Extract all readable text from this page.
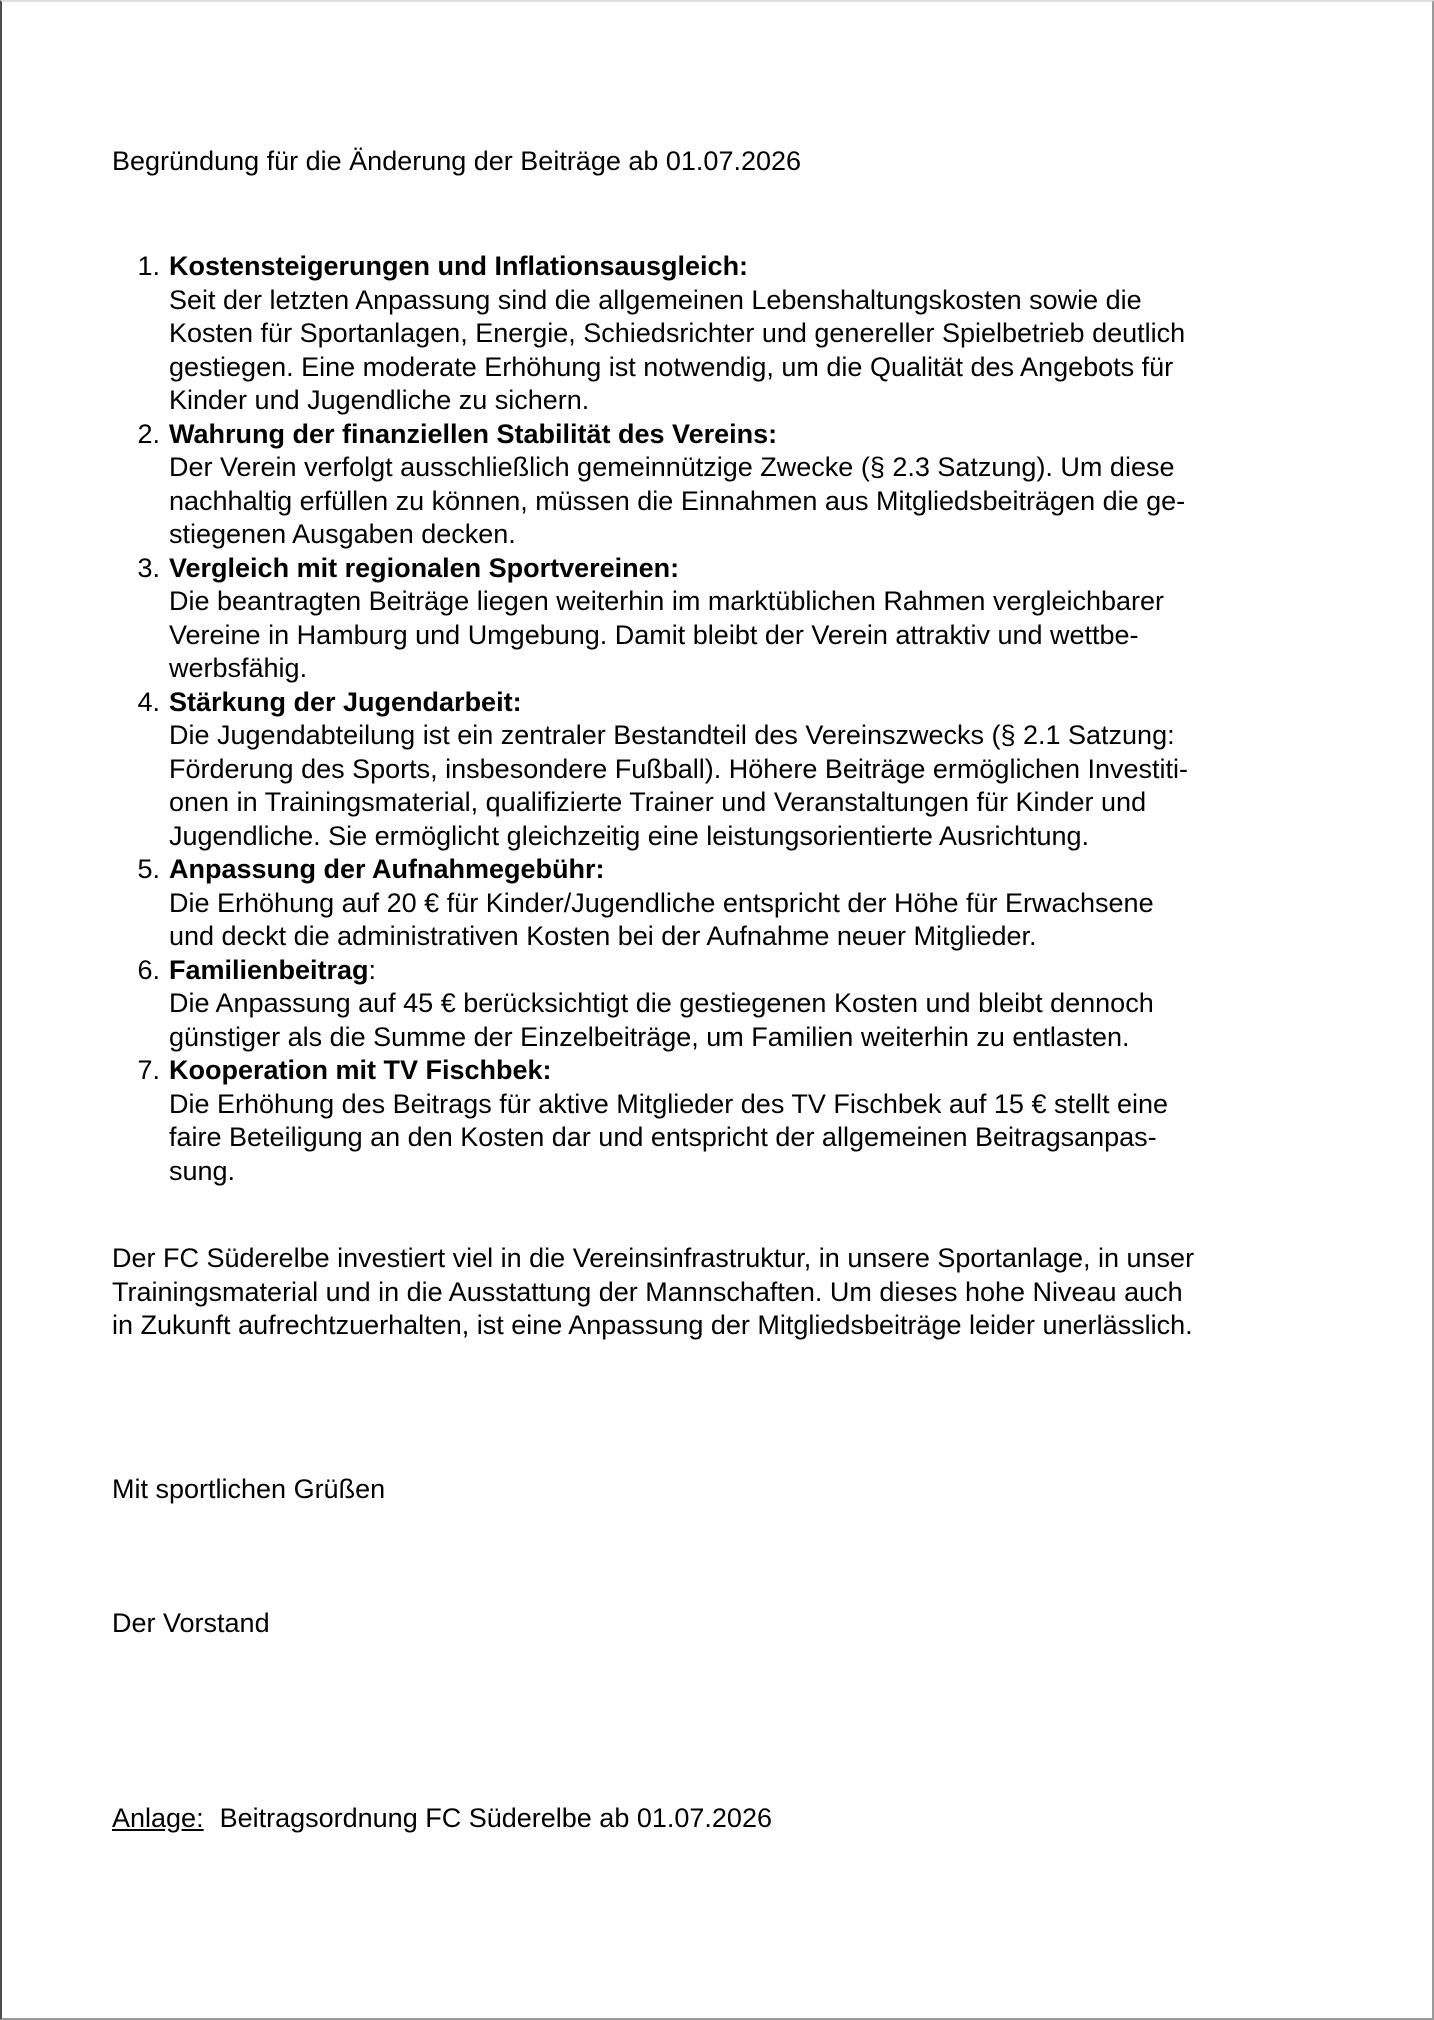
Begründung für die Änderung der Beiträge ab 01.07.2026
1. Kostensteigerungen und Inflationsausgleich:
Seit der letzten Anpassung sind die allgemeinen Lebenshaltungskosten sowie die
Kosten für Sportanlagen, Energie, Schiedsrichter und genereller Spielbetrieb deutlich
gestiegen. Eine moderate Erhöhung ist notwendig, um die Qualität des Angebots für
Kinder und Jugendliche zu sichern.
2. Wahrung der finanziellen Stabilität des Vereins:
Der Verein verfolgt ausschließlich gemeinnützige Zwecke (§ 2.3 Satzung). Um diese
nachhaltig erfüllen zu können, müssen die Einnahmen aus Mitgliedsbeiträgen die ge-
stiegenen Ausgaben decken.
3. Vergleich mit regionalen Sportvereinen:
Die beantragten Beiträge liegen weiterhin im marktüblichen Rahmen vergleichbarer
Vereine in Hamburg und Umgebung. Damit bleibt der Verein attraktiv und wettbe-
werbsfähig.
4. Stärkung der Jugendarbeit:
Die Jugendabteilung ist ein zentraler Bestandteil des Vereinszwecks (§ 2.1 Satzung:
Förderung des Sports, insbesondere Fußball). Höhere Beiträge ermöglichen Investiti-
onen in Trainingsmaterial, qualifizierte Trainer und Veranstaltungen für Kinder und
Jugendliche. Sie ermöglicht gleichzeitig eine leistungsorientierte Ausrichtung.
5. Anpassung der Aufnahmegebühr:
Die Erhöhung auf 20 € für Kinder/Jugendliche entspricht der Höhe für Erwachsene
und deckt die administrativen Kosten bei der Aufnahme neuer Mitglieder.
6. Familienbeitrag:
Die Anpassung auf 45 € berücksichtigt die gestiegenen Kosten und bleibt dennoch
günstiger als die Summe der Einzelbeiträge, um Familien weiterhin zu entlasten.
7. Kooperation mit TV Fischbek:
Die Erhöhung des Beitrags für aktive Mitglieder des TV Fischbek auf 15 € stellt eine
faire Beteiligung an den Kosten dar und entspricht der allgemeinen Beitragsanpas-
sung.
Der FC Süderelbe investiert viel in die Vereinsinfrastruktur, in unsere Sportanlage, in unser
Trainingsmaterial und in die Ausstattung der Mannschaften. Um dieses hohe Niveau auch
in Zukunft aufrechtzuerhalten, ist eine Anpassung der Mitgliedsbeiträge leider unerlässlich.
Mit sportlichen Grüßen
Der Vorstand
Anlage: Beitragsordnung FC Süderelbe ab 01.07.2026
